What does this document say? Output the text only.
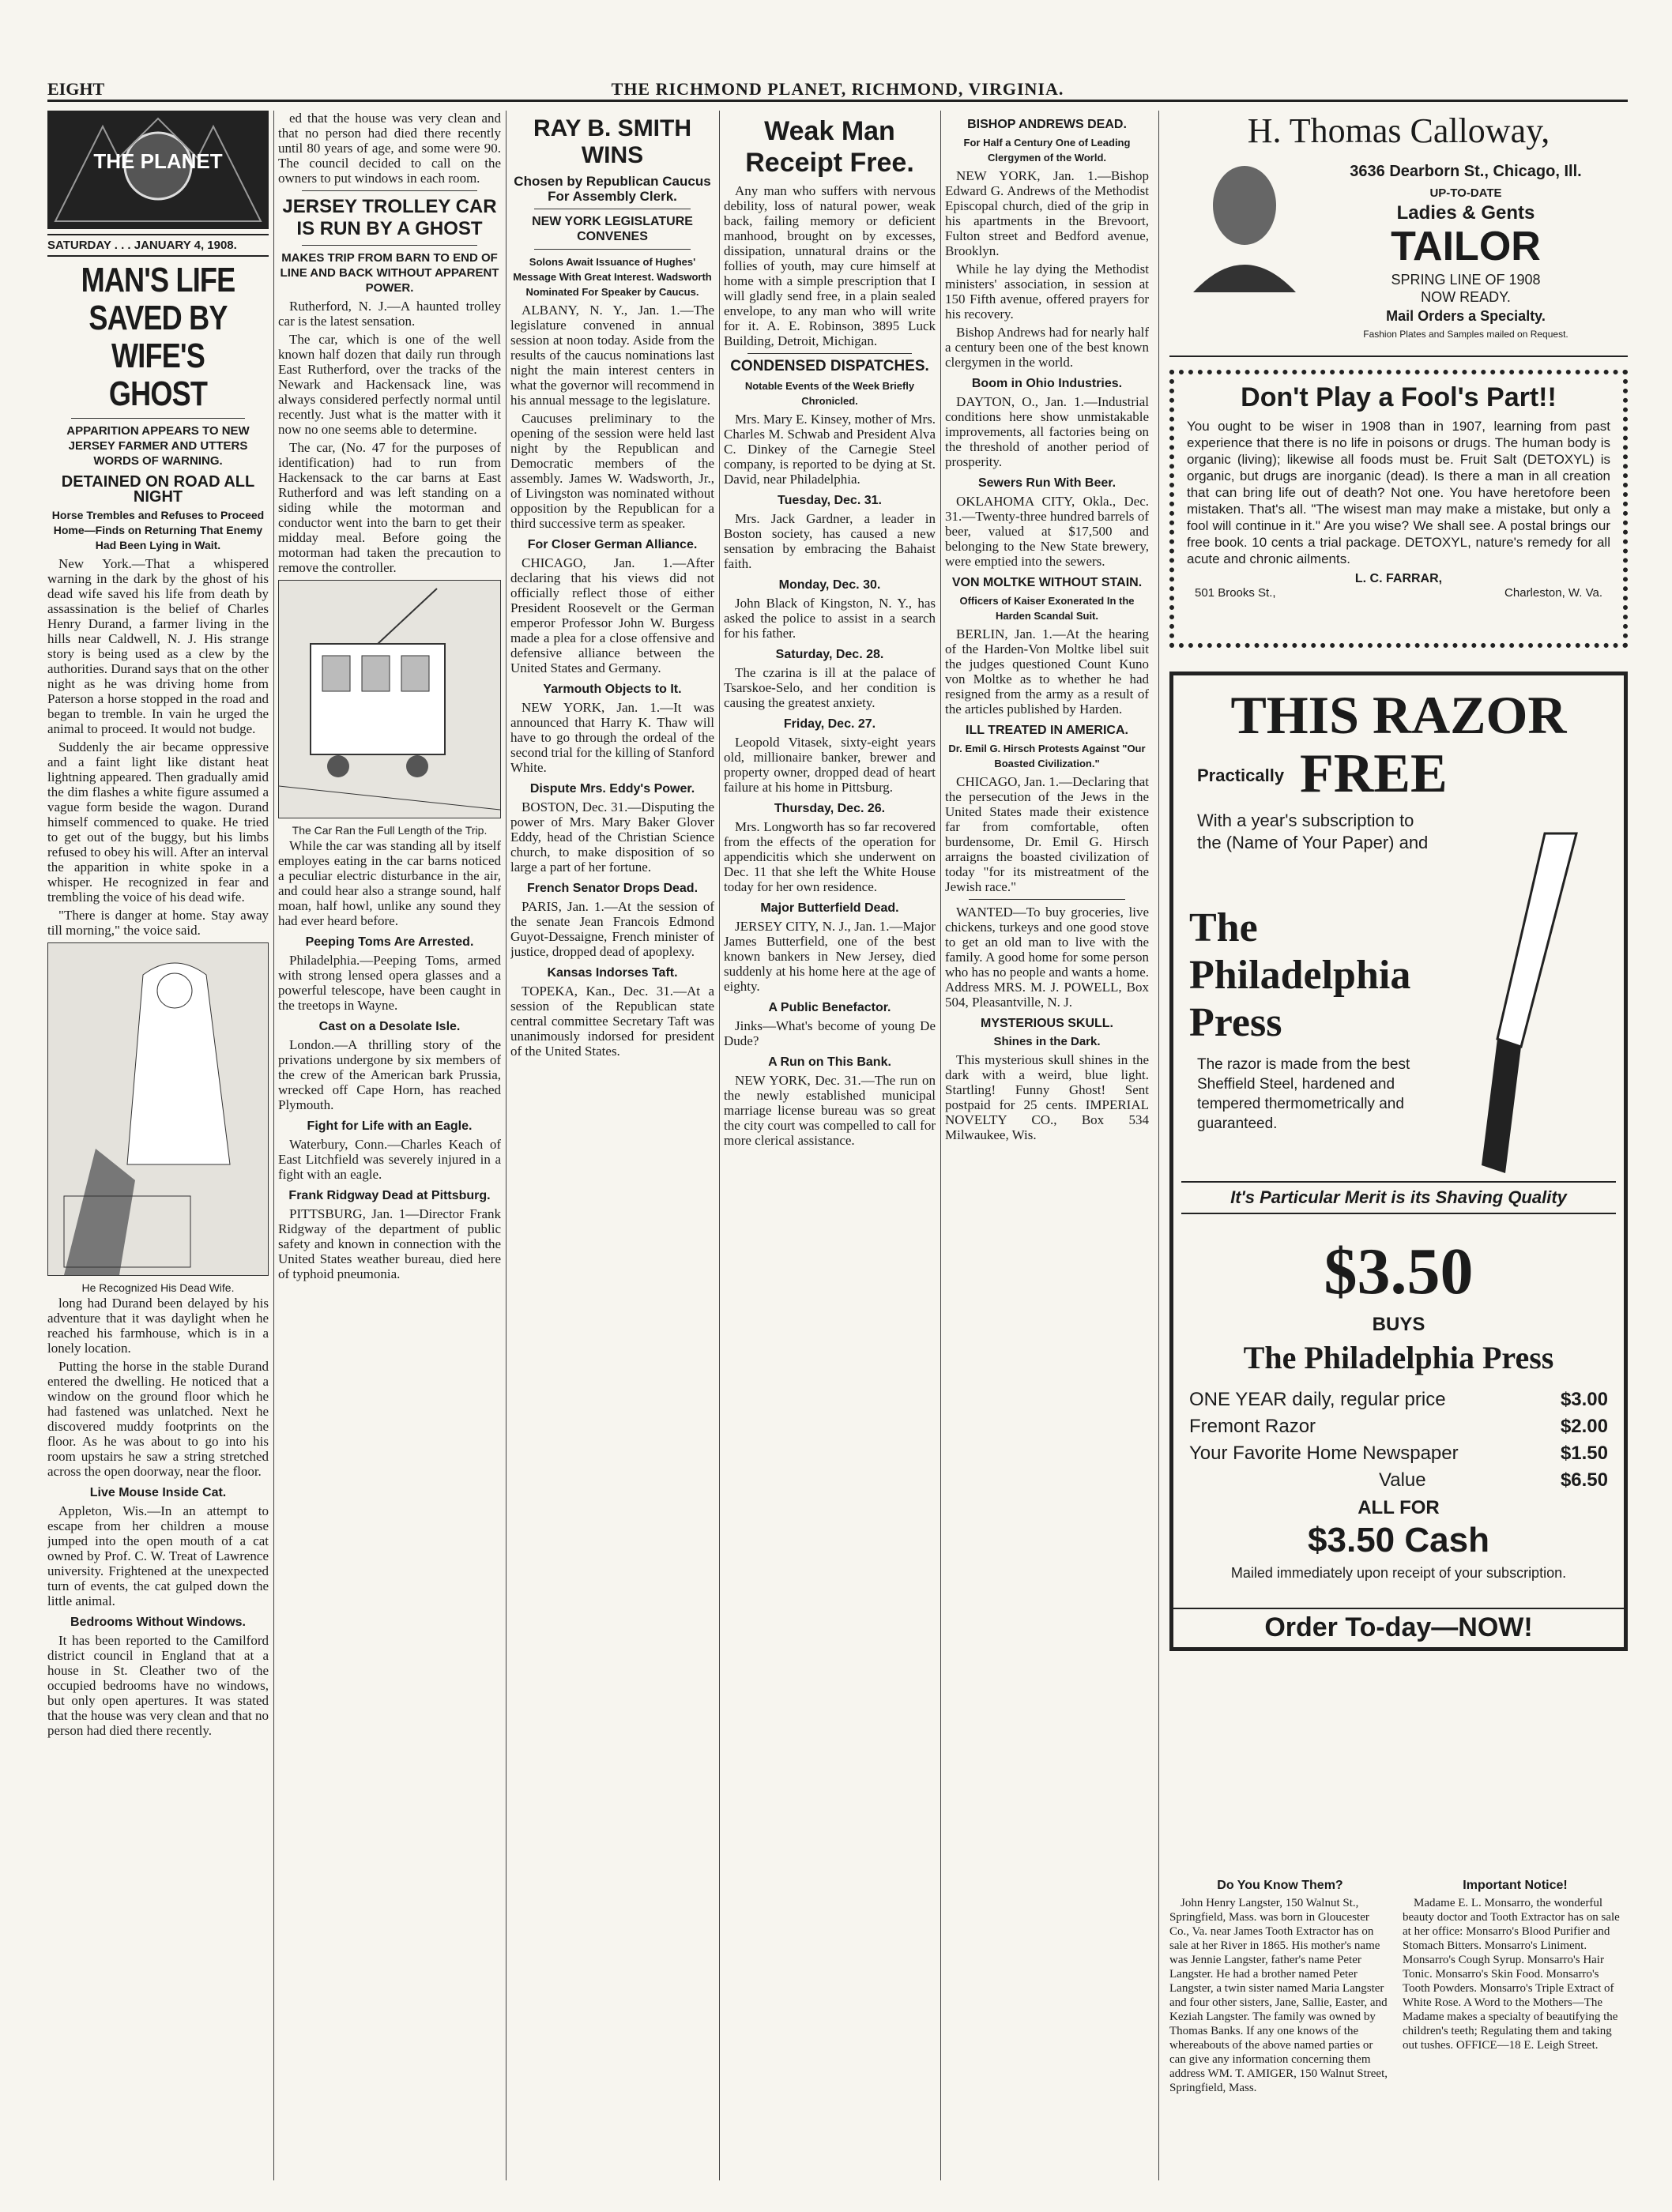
EIGHT	THE RICHMOND PLANET, RICHMOND, VIRGINIA.
THE PLANET
SATURDAY . . . JANUARY 4, 1908.
MAN'S LIFE SAVED BY WIFE'S GHOST
APPARITION APPEARS TO NEW JERSEY FARMER AND UTTERS WORDS OF WARNING.
DETAINED ON ROAD ALL NIGHT
Horse Trembles and Refuses to Proceed Home—Finds on Returning That Enemy Had Been Lying in Wait.

New York.—That a whispered warning in the dark by the ghost of his dead wife saved his life from death by assassination is the belief of Charles Henry Durand, a farmer living in the hills near Caldwell, N. J. His strange story is being used as a clew by the authorities. Durand says that on the other night as he was driving home from Paterson a horse stopped in the road and began to tremble. In vain he urged the animal to proceed. It would not budge.

Suddenly the air became oppressive and a faint light like distant heat lightning appeared. Then gradually amid the dim flashes a white figure assumed a vague form beside the wagon. Durand himself commenced to quake. He tried to get out of the buggy, but his limbs refused to obey his will. After an interval the apparition in white spoke in a whisper. He recognized in fear and trembling the voice of his dead wife.

"There is danger at home. Stay away till morning," the voice said.

He Recognized His Dead Wife.

long had Durand been delayed by his adventure that it was daylight when he reached his farmhouse, which is in a lonely location.

Putting the horse in the stable Durand entered the dwelling. He noticed that a window on the ground floor which he had fastened was unlatched. Next he discovered muddy footprints on the floor. As he was about to go into his room upstairs he saw a string stretched across the open doorway, near the floor.

Live Mouse Inside Cat.

Appleton, Wis.—In an attempt to escape from her children a mouse jumped into the open mouth of a cat owned by Prof. C. W. Treat of Lawrence university. Frightened at the unexpected turn of events, the cat gulped down the little animal.

Bedrooms Without Windows.

It has been reported to the Camilford district council in England that at a house in St. Cleather two of the occupied bedrooms have no windows, but only open apertures. It was stated that the house was very clean and that no person had died there recently.

ed that the house was very clean and that no person had died there recently until 80 years of age, and some were 90. The council decided to call on the owners to put windows in each room.

JERSEY TROLLEY CAR IS RUN BY A GHOST
MAKES TRIP FROM BARN TO END OF LINE AND BACK WITHOUT APPARENT POWER.

Rutherford, N. J.—A haunted trolley car is the latest sensation.

The car, which is one of the well known half dozen that daily run through East Rutherford, over the tracks of the Newark and Hackensack line, was always considered perfectly normal until recently. Just what is the matter with it now no one seems able to determine.

The car, (No. 47 for the purposes of identification) had to run from Hackensack to the car barns at East Rutherford and was left standing on a siding while the motorman and conductor went into the barn to get their midday meal. Before going the motorman had taken the precaution to remove the controller.

The Car Ran the Full Length of the Trip.

While the car was standing all by itself employes eating in the car barns noticed a peculiar electric disturbance in the air, and could hear also a strange sound, half moan, half howl, unlike any sound they had ever heard before.

Peeping Toms Are Arrested.

Philadelphia.—Peeping Toms, armed with strong lensed opera glasses and a powerful telescope, have been caught in the treetops in Wayne.

Cast on a Desolate Isle.

London.—A thrilling story of the privations undergone by six members of the crew of the American bark Prussia, wrecked off Cape Horn, has reached Plymouth.

Fight for Life with an Eagle.

Waterbury, Conn.—Charles Keach of East Litchfield was severely injured in a fight with an eagle.

Frank Ridgway Dead at Pittsburg.

PITTSBURG, Jan. 1—Director Frank Ridgway of the department of public safety and known in connection with the United States weather bureau, died here of typhoid pneumonia.

RAY B. SMITH WINS
Chosen by Republican Caucus For Assembly Clerk.
NEW YORK LEGISLATURE CONVENES
Solons Await Issuance of Hughes' Message With Great Interest. Wadsworth Nominated For Speaker by Caucus.

ALBANY, N. Y., Jan. 1.—The legislature convened in annual session at noon today. Aside from the results of the caucus nominations last night the main interest centers in what the governor will recommend in his annual message to the legislature.

Caucuses preliminary to the opening of the session were held last night by the Republican and Democratic members of the assembly. James W. Wadsworth, Jr., of Livingston was nominated without opposition by the Republican for a third successive term as speaker.

For Closer German Alliance.

CHICAGO, Jan. 1.—After declaring that his views did not officially reflect those of either President Roosevelt or the German emperor Professor John W. Burgess made a plea for a close offensive and defensive alliance between the United States and Germany.

Yarmouth Objects to It.

NEW YORK, Jan. 1.—It was announced that Harry K. Thaw will have to go through the ordeal of the second trial for the killing of Stanford White.

Dispute Mrs. Eddy's Power.

BOSTON, Dec. 31.—Disputing the power of Mrs. Mary Baker Glover Eddy, head of the Christian Science church, to make disposition of so large a part of her fortune.

French Senator Drops Dead.

PARIS, Jan. 1.—At the session of the senate Jean Francois Edmond Guyot-Dessaigne, French minister of justice, dropped dead of apoplexy.

Kansas Indorses Taft.

TOPEKA, Kan., Dec. 31.—At a session of the Republican state central committee Secretary Taft was unanimously indorsed for president of the United States.

Weak Man Receipt Free.

Any man who suffers with nervous debility, loss of natural power, weak back, failing memory or deficient manhood, brought on by excesses, dissipation, unnatural drains or the follies of youth, may cure himself at home with a simple prescription that I will gladly send free, in a plain sealed envelope, to any man who will write for it. A. E. Robinson, 3895 Luck Building, Detroit, Michigan.

CONDENSED DISPATCHES.
Notable Events of the Week Briefly Chronicled.

Mrs. Mary E. Kinsey, mother of Mrs. Charles M. Schwab and President Alva C. Dinkey of the Carnegie Steel company, is reported to be dying at St. David, near Philadelphia.

Tuesday, Dec. 31.

Mrs. Jack Gardner, a leader in Boston society, has caused a new sensation by embracing the Bahaist faith.

Monday, Dec. 30.

John Black of Kingston, N. Y., has asked the police to assist in a search for his father.

Saturday, Dec. 28.

The czarina is ill at the palace of Tsarskoe-Selo, and her condition is causing the greatest anxiety.

Friday, Dec. 27.

Leopold Vitasek, sixty-eight years old, millionaire banker, brewer and property owner, dropped dead of heart failure at his home in Pittsburg.

Thursday, Dec. 26.

Mrs. Longworth has so far recovered from the effects of the operation for appendicitis which she underwent on Dec. 11 that she left the White House today for her own residence.

Major Butterfield Dead.

JERSEY CITY, N. J., Jan. 1.—Major James Butterfield, one of the best known bankers in New Jersey, died suddenly at his home here at the age of eighty.

A Public Benefactor.

Jinks—What's become of young De Dude?

A Run on This Bank.

NEW YORK, Dec. 31.—The run on the newly established municipal marriage license bureau was so great the city court was compelled to call for more clerical assistance.

BISHOP ANDREWS DEAD.
For Half a Century One of Leading Clergymen of the World.

NEW YORK, Jan. 1.—Bishop Edward G. Andrews of the Methodist Episcopal church, died of the grip in his apartments in the Brevoort, Fulton street and Bedford avenue, Brooklyn.

While he lay dying the Methodist ministers' association, in session at 150 Fifth avenue, offered prayers for his recovery.

Bishop Andrews had for nearly half a century been one of the best known clergymen in the world.

Boom in Ohio Industries.

DAYTON, O., Jan. 1.—Industrial conditions here show unmistakable improvements, all factories being on the threshold of another period of prosperity.

Sewers Run With Beer.

OKLAHOMA CITY, Okla., Dec. 31.—Twenty-three hundred barrels of beer, valued at $17,500 and belonging to the New State brewery, were emptied into the sewers.

VON MOLTKE WITHOUT STAIN.
Officers of Kaiser Exonerated In the Harden Scandal Suit.

BERLIN, Jan. 1.—At the hearing of the Harden-Von Moltke libel suit the judges questioned Count Kuno von Moltke as to whether he had resigned from the army as a result of the articles published by Harden.

ILL TREATED IN AMERICA.
Dr. Emil G. Hirsch Protests Against "Our Boasted Civilization."

CHICAGO, Jan. 1.—Declaring that the persecution of the Jews in the United States made their existence far from comfortable, often burdensome, Dr. Emil G. Hirsch arraigns the boasted civilization of today "for its mistreatment of the Jewish race."

WANTED—To buy groceries, live chickens, turkeys and one good stove to get an old man to live with the family. A good home for some person who has no people and wants a home. Address MRS. M. J. POWELL, Box 504, Pleasantville, N. J.

MYSTERIOUS SKULL.
Shines in the Dark.

This mysterious skull shines in the dark with a weird, blue light. Startling! Funny Ghost! Sent postpaid for 25 cents. IMPERIAL NOVELTY CO., Box 534 Milwaukee, Wis.

H. Thomas Calloway,
3636 Dearborn St., Chicago, Ill.
UP-TO-DATE
Ladies & Gents
TAILOR
SPRING LINE OF 1908
NOW READY.
Mail Orders a Specialty.
Fashion Plates and Samples mailed on Request.
Don't Play a Fool's Part!!
You ought to be wiser in 1908 than in 1907, learning from past experience that there is no life in poisons or drugs. The human body is organic (living); likewise all foods must be. Fruit Salt (DETOXYL) is organic, but drugs are inorganic (dead). Is there a man in all creation that can bring life out of death? Not one. You have heretofore been mistaken. That's all. "The wisest man may make a mistake, but only a fool will continue in it." Are you wise? We shall see. A postal brings our free book. 10 cents a trial package. DETOXYL, nature's remedy for all acute and chronic ailments.
L. C. FARRAR,
501 Brooks St.,	Charleston, W. Va.
THIS RAZOR
Practically FREE
With a year's subscription to the (Name of Your Paper) and
The
Philadelphia
Press
The razor is made from the best Sheffield Steel, hardened and tempered thermometrically and guaranteed.
It's Particular Merit is its Shaving Quality
$3.50
BUYS
The Philadelphia Press
ONE YEAR daily, regular price	$3.00
Fremont Razor	$2.00
Your Favorite Home Newspaper	$1.50
Value	$6.50
ALL FOR
$3.50 Cash
Mailed immediately upon receipt of your subscription.
Order To-day—NOW!
Do You Know Them?

John Henry Langster, 150 Walnut St., Springfield, Mass. was born in Gloucester Co., Va. near James Tooth Extractor has on sale at her River in 1865. His mother's name was Jennie Langster, father's name Peter Langster. He had a brother named Peter Langster, a twin sister named Maria Langster and four other sisters, Jane, Sallie, Easter, and Keziah Langster. The family was owned by Thomas Banks. If any one knows of the whereabouts of the above named parties or can give any information concerning them address WM. T. AMIGER, 150 Walnut Street, Springfield, Mass.

Important Notice!

Madame E. L. Monsarro, the wonderful beauty doctor and Tooth Extractor has on sale at her office: Monsarro's Blood Purifier and Stomach Bitters. Monsarro's Liniment. Monsarro's Cough Syrup. Monsarro's Hair Tonic. Monsarro's Skin Food. Monsarro's Tooth Powders. Monsarro's Triple Extract of White Rose. A Word to the Mothers—The Madame makes a specialty of beautifying the children's teeth; Regulating them and taking out tushes. OFFICE—18 E. Leigh Street.
